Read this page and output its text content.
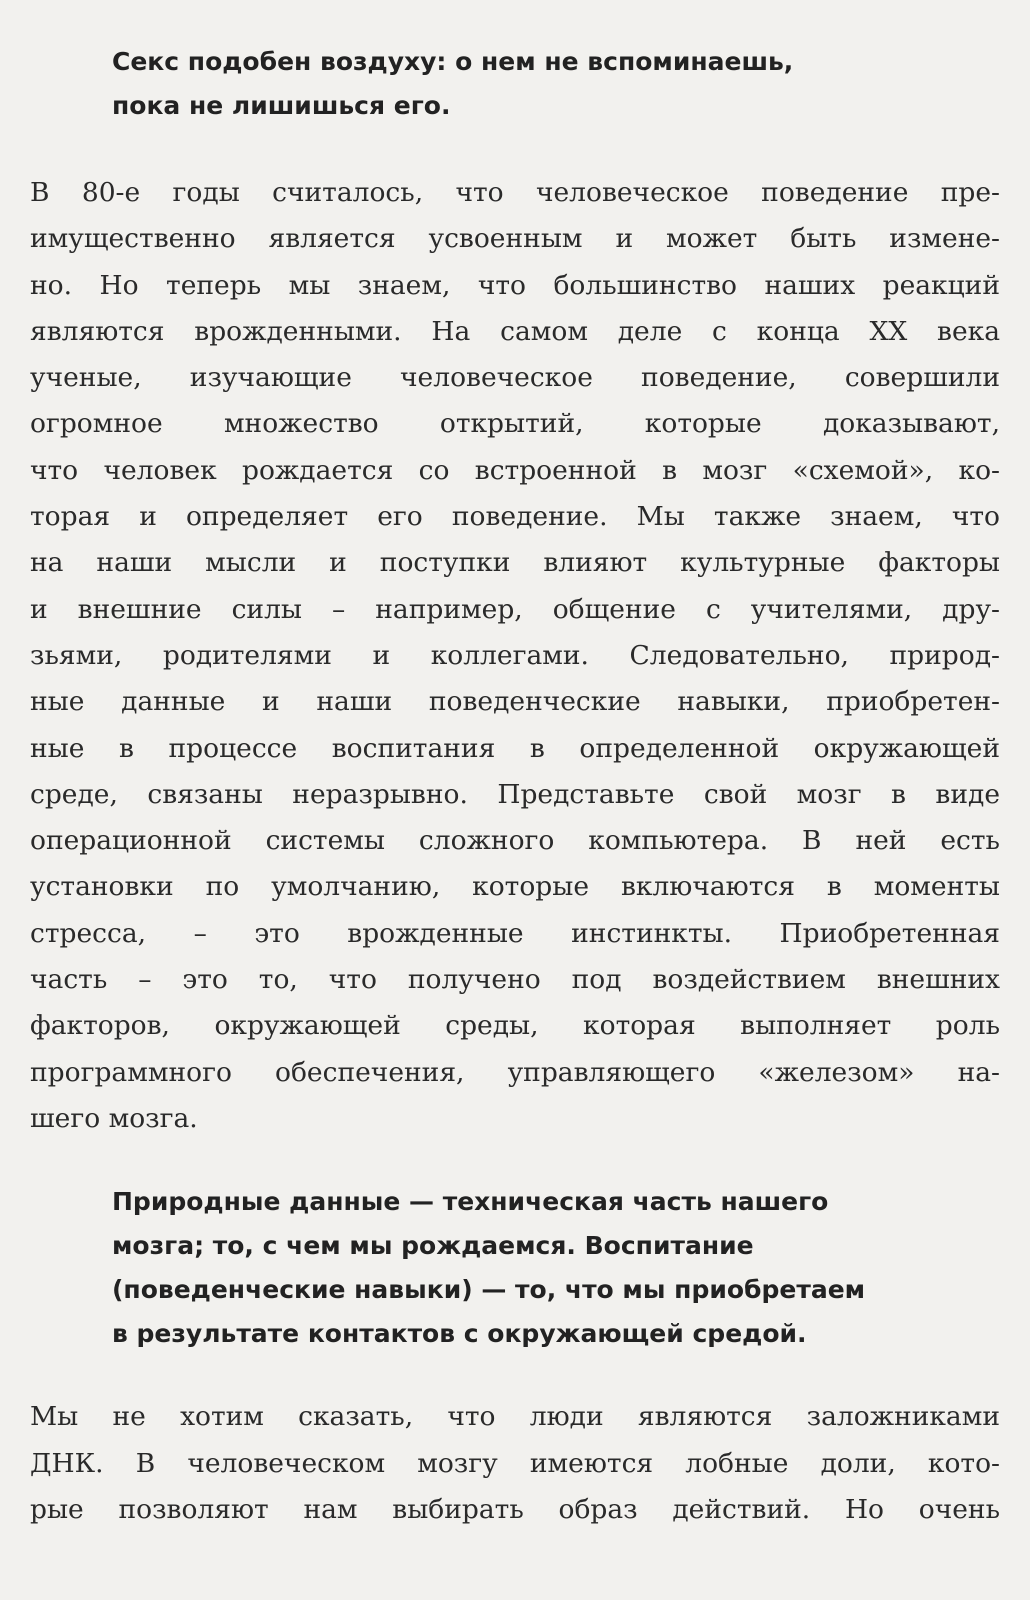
Секс подобен воздуху: о нем не вспоминаешь,
пока не лишишься его.
В 80-е годы считалось, что человеческое поведение пре-
имущественно является усвоенным и может быть измене-
но. Но теперь мы знаем, что большинство наших реакций
являются врожденными. На самом деле с конца XX века
ученые, изучающие человеческое поведение, совершили
огромное множество открытий, которые доказывают,
что человек рождается со встроенной в мозг «схемой», ко-
торая и определяет его поведение. Мы также знаем, что
на наши мысли и поступки влияют культурные факторы
и внешние силы – например, общение с учителями, дру-
зьями, родителями и коллегами. Следовательно, природ-
ные данные и наши поведенческие навыки, приобретен-
ные в процессе воспитания в определенной окружающей
среде, связаны неразрывно. Представьте свой мозг в виде
операционной системы сложного компьютера. В ней есть
установки по умолчанию, которые включаются в моменты
стресса, – это врожденные инстинкты. Приобретенная
часть – это то, что получено под воздействием внешних
факторов, окружающей среды, которая выполняет роль
программного обеспечения, управляющего «железом» на-
шего мозга.
Природные данные — техническая часть нашего
мозга; то, с чем мы рождаемся. Воспитание
(поведенческие навыки) — то, что мы приобретаем
в результате контактов с окружающей средой.
Мы не хотим сказать, что люди являются заложниками
ДНК. В человеческом мозгу имеются лобные доли, кото-
рые позволяют нам выбирать образ действий. Но очень
